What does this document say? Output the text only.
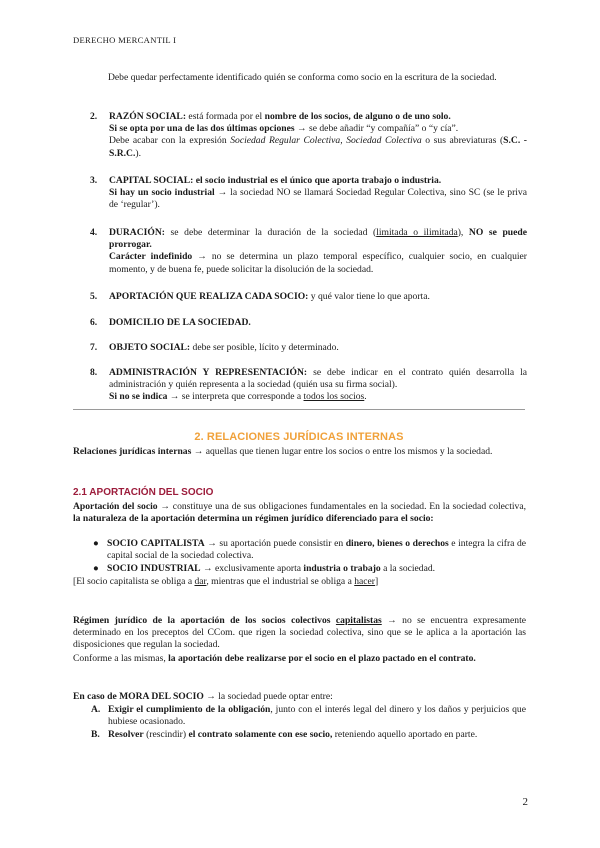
DERECHO MERCANTIL I
Debe quedar perfectamente identificado quién se conforma como socio en la escritura de la sociedad.
2. RAZÓN SOCIAL: está formada por el nombre de los socios, de alguno o de uno solo.
Si se opta por una de las dos últimas opciones → se debe añadir “y compañía” o “y cía”.
Debe acabar con la expresión Sociedad Regular Colectiva, Sociedad Colectiva o sus abreviaturas (S.C. - S.R.C.).
3. CAPITAL SOCIAL: el socio industrial es el único que aporta trabajo o industria.
Si hay un socio industrial → la sociedad NO se llamará Sociedad Regular Colectiva, sino SC (se le priva de ‘regular’).
4. DURACIÓN: se debe determinar la duración de la sociedad (limitada o ilimitada), NO se puede prorrogar.
Carácter indefinido → no se determina un plazo temporal específico, cualquier socio, en cualquier momento, y de buena fe, puede solicitar la disolución de la sociedad.
5. APORTACIÓN QUE REALIZA CADA SOCIO: y qué valor tiene lo que aporta.
6. DOMICILIO DE LA SOCIEDAD.
7. OBJETO SOCIAL: debe ser posible, lícito y determinado.
8. ADMINISTRACIÓN Y REPRESENTACIÓN: se debe indicar en el contrato quién desarrolla la administración y quién representa a la sociedad (quién usa su firma social).
Si no se indica → se interpreta que corresponde a todos los socios.
2. RELACIONES JURÍDICAS INTERNAS
Relaciones jurídicas internas → aquellas que tienen lugar entre los socios o entre los mismos y la sociedad.
2.1 APORTACIÓN DEL SOCIO
Aportación del socio → constituye una de sus obligaciones fundamentales en la sociedad. En la sociedad colectiva, la naturaleza de la aportación determina un régimen jurídico diferenciado para el socio:
● SOCIO CAPITALISTA → su aportación puede consistir en dinero, bienes o derechos e integra la cifra de capital social de la sociedad colectiva.
● SOCIO INDUSTRIAL → exclusivamente aporta industria o trabajo a la sociedad.
[El socio capitalista se obliga a dar, mientras que el industrial se obliga a hacer]
Régimen jurídico de la aportación de los socios colectivos capitalistas → no se encuentra expresamente determinado en los preceptos del CCom. que rigen la sociedad colectiva, sino que se le aplica a la aportación las disposiciones que regulan la sociedad.
Conforme a las mismas, la aportación debe realizarse por el socio en el plazo pactado en el contrato.
En caso de MORA DEL SOCIO → la sociedad puede optar entre:
A. Exigir el cumplimiento de la obligación, junto con el interés legal del dinero y los daños y perjuicios que hubiese ocasionado.
B. Resolver (rescindir) el contrato solamente con ese socio, reteniendo aquello aportado en parte.
2
